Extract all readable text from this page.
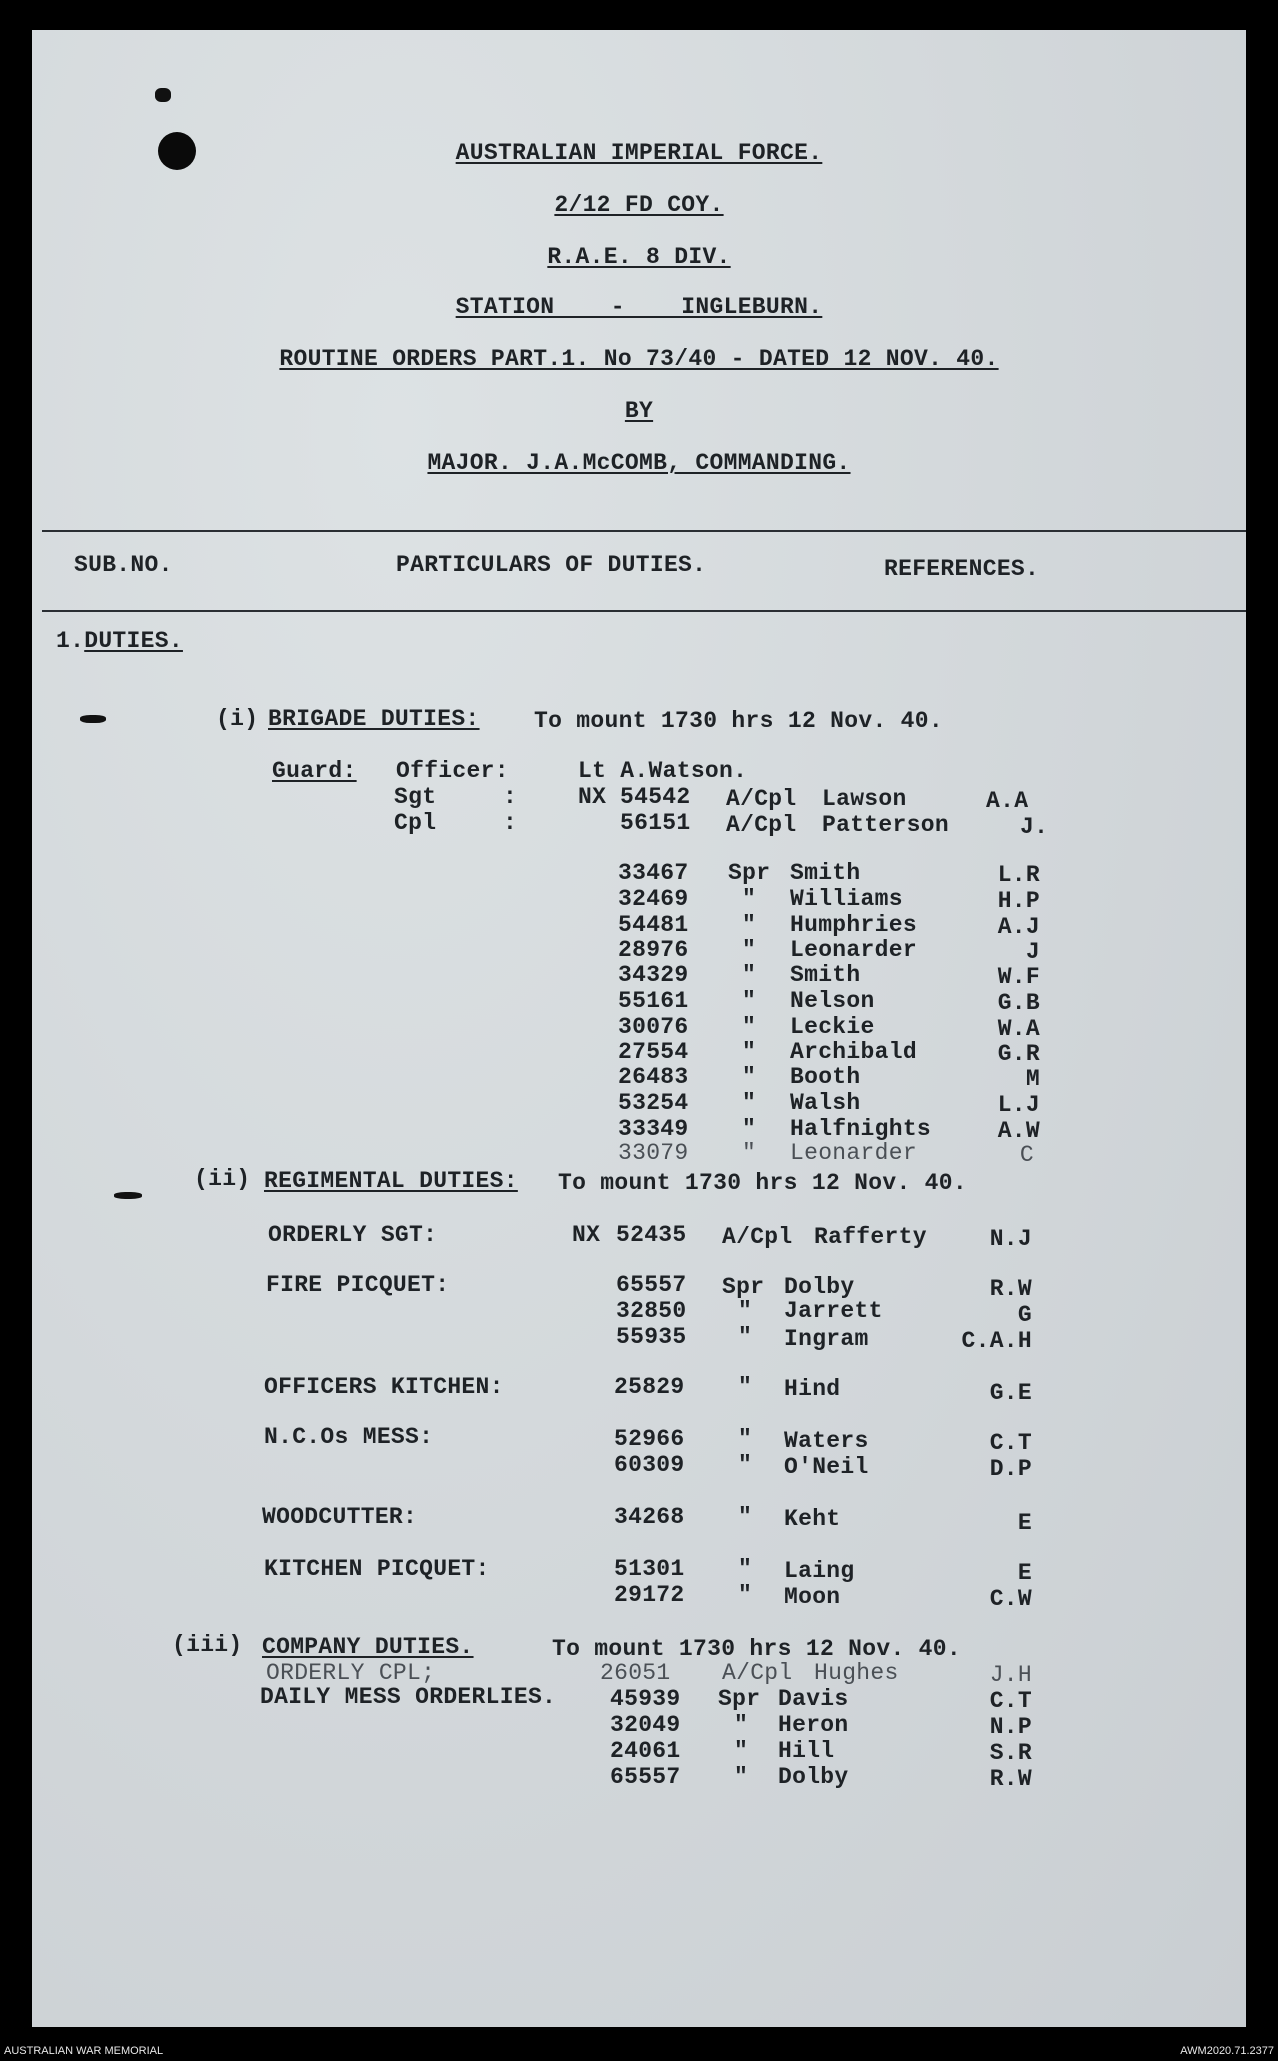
AUSTRALIAN IMPERIAL FORCE.
2/12 FD COY.
R.A.E. 8 DIV.
STATION    -    INGLEBURN.
ROUTINE ORDERS PART.1. No 73/40 - DATED 12 NOV. 40.
BY
MAJOR. J.A.McCOMB, COMMANDING.
SUB.NO.	PARTICULARS OF DUTIES.	REFERENCES.
1.DUTIES.
(i) BRIGADE DUTIES: To mount 1730 hrs 12 Nov. 40.
Guard: Officer:	Lt A.Watson.
Sgt	:	NX 54542 A/Cpl Lawson	A.A
Cpl	:	56151 A/Cpl Patterson	J.
33467 Spr Smith	L.R
32469 " Williams	H.P
54481 " Humphries	A.J
28976 " Leonarder	J
34329 " Smith	W.F
55161 " Nelson	G.B
30076 " Leckie	W.A
27554 " Archibald	G.R
26483 " Booth	M
53254 " Walsh	L.J
33349 " Halfnights	A.W
33079 " Leonarder	C
(ii) REGIMENTAL DUTIES: To mount 1730 hrs 12 Nov. 40.
ORDERLY SGT:	NX 52435 A/Cpl Rafferty	N.J
FIRE PICQUET:	65557 Spr Dolby	R.W
32850 " Jarrett	G
55935 " Ingram	C.A.H
OFFICERS KITCHEN:	25829 " Hind	G.E
N.C.Os MESS:	52966 " Waters	C.T
60309 " O'Neil	D.P
WOODCUTTER:	34268 " Keht	E
KITCHEN PICQUET:	51301 " Laing	E
29172 " Moon	C.W
(iii) COMPANY DUTIES.	To mount 1730 hrs 12 Nov. 40.
ORDERLY CPL;	26051 A/Cpl Hughes	J.H
DAILY MESS ORDERLIES. 45939 Spr Davis	C.T
32049 " Heron	N.P
24061 " Hill	S.R
65557 " Dolby	R.W
AUSTRALIAN WAR MEMORIAL	AWM2020.71.2377
